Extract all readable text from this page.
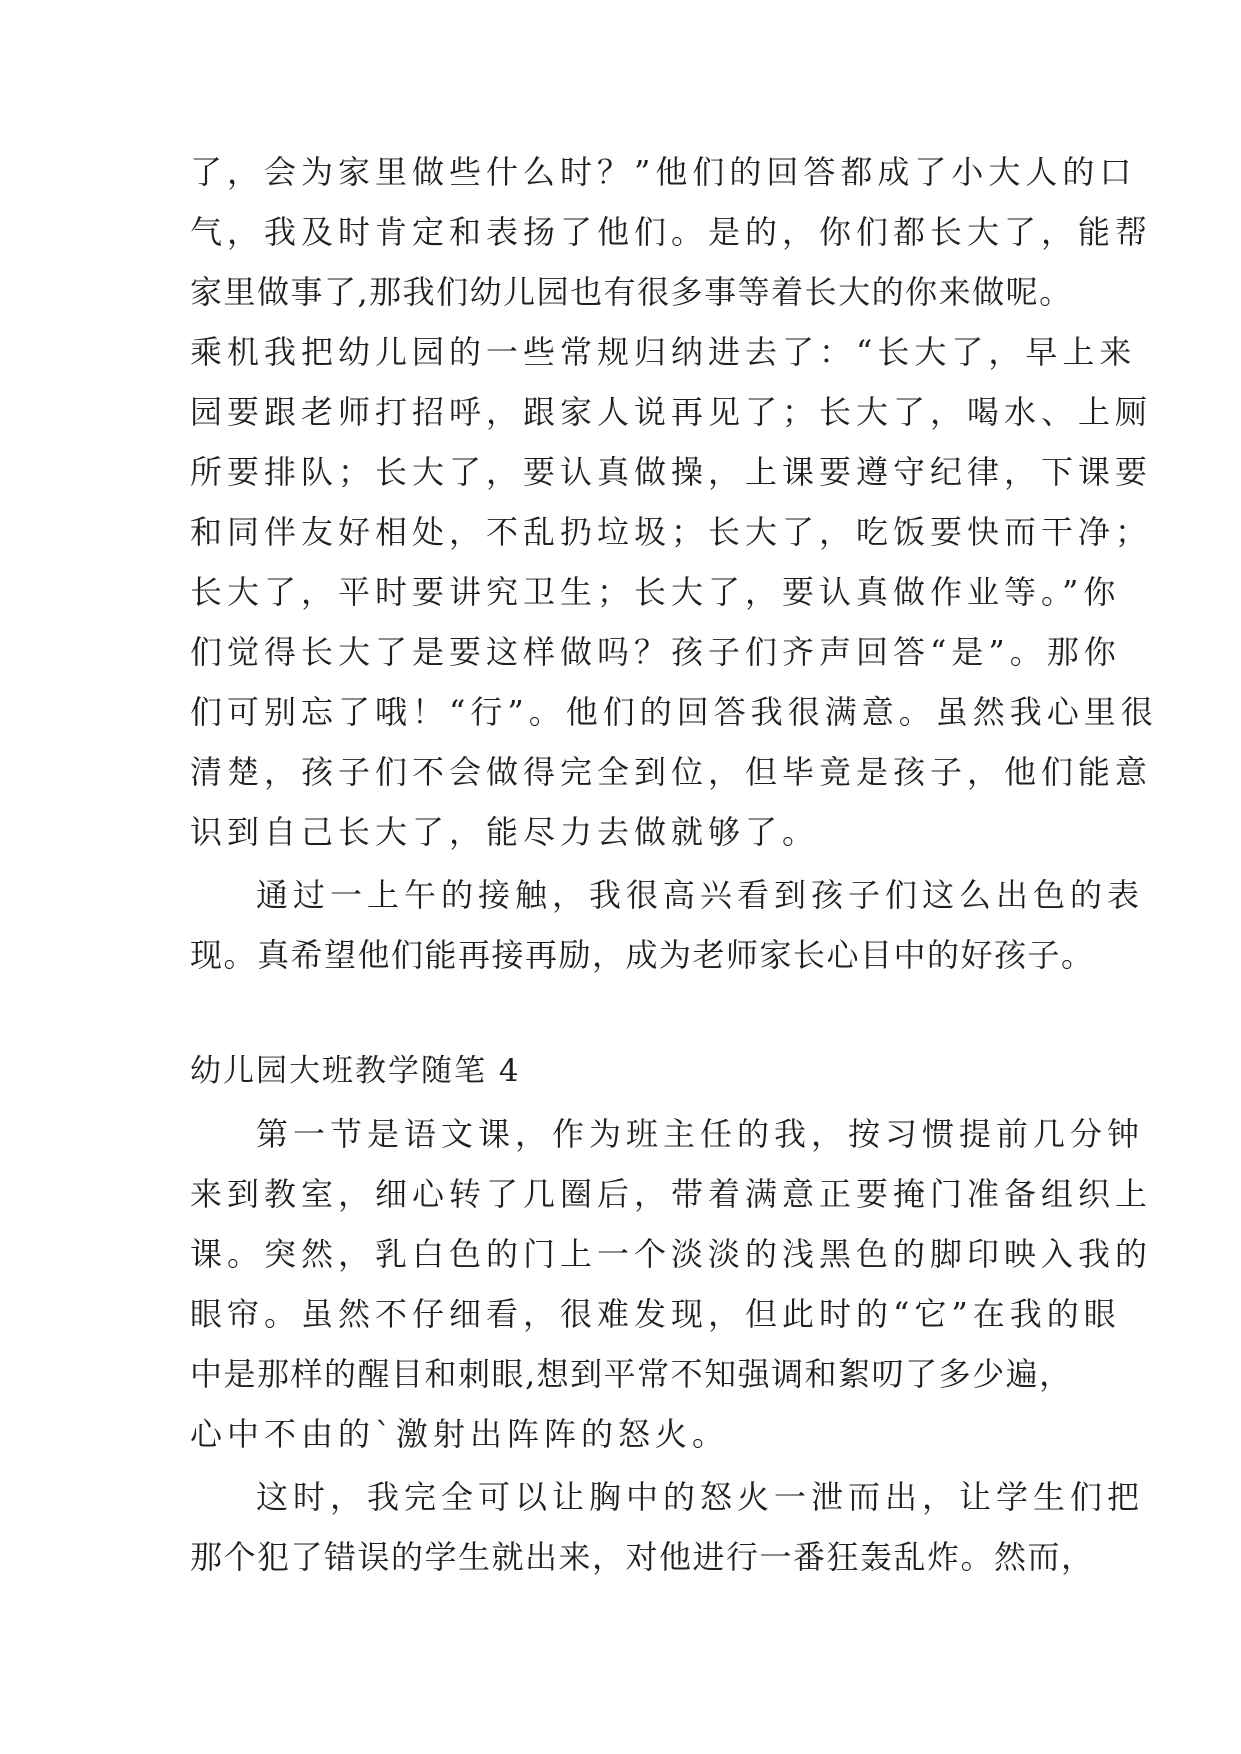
了，会为家里做些什么时？”他们的回答都成了小大人的口
气，我及时肯定和表扬了他们。是的，你们都长大了，能帮
家里做事了,那我们幼儿园也有很多事等着长大的你来做呢。
乘机我把幼儿园的一些常规归纳进去了：“长大了，早上来
园要跟老师打招呼，跟家人说再见了；长大了，喝水、上厕
所要排队；长大了，要认真做操，上课要遵守纪律，下课要
和同伴友好相处，不乱扔垃圾；长大了，吃饭要快而干净；
长大了，平时要讲究卫生；长大了，要认真做作业等。”你
们觉得长大了是要这样做吗？孩子们齐声回答“是”。那你
们可别忘了哦！“行”。他们的回答我很满意。虽然我心里很
清楚，孩子们不会做得完全到位，但毕竟是孩子，他们能意
识到自己长大了，能尽力去做就够了。
通过一上午的接触，我很高兴看到孩子们这么出色的表
现。真希望他们能再接再励，成为老师家长心目中的好孩子。
幼儿园大班教学随笔 4
第一节是语文课，作为班主任的我，按习惯提前几分钟
来到教室，细心转了几圈后，带着满意正要掩门准备组织上
课。突然，乳白色的门上一个淡淡的浅黑色的脚印映入我的
眼帘。虽然不仔细看，很难发现，但此时的“它”在我的眼
中是那样的醒目和刺眼,想到平常不知强调和絮叨了多少遍，
心中不由的`激射出阵阵的怒火。
这时，我完全可以让胸中的怒火一泄而出，让学生们把
那个犯了错误的学生就出来，对他进行一番狂轰乱炸。然而，
